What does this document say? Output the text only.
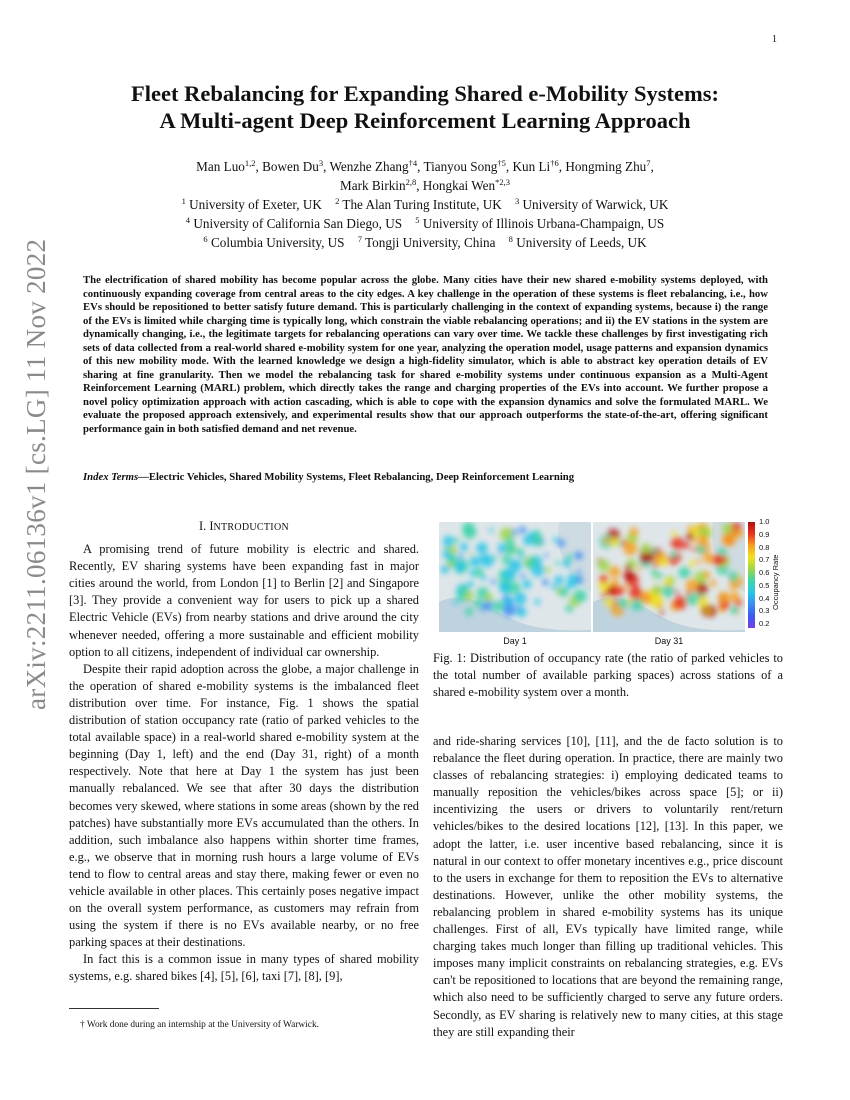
1
arXiv:2211.06136v1 [cs.LG] 11 Nov 2022
Fleet Rebalancing for Expanding Shared e-Mobility Systems:
A Multi-agent Deep Reinforcement Learning Approach
Man Luo$^{1,2}$, Bowen Du$^3$, Wenzhe Zhang$^{\dagger 4}$, Tianyou Song$^{\dagger 5}$, Kun Li$^{\dagger 6}$, Hongming Zhu$^7$,
Mark Birkin$^{2,8}$, Hongkai Wen$^{*2,3}$
$^1$ University of Exeter, UK $^2$ The Alan Turing Institute, UK $^3$ University of Warwick, UK
$^4$ University of California San Diego, US $^5$ University of Illinois Urbana-Champaign, US
$^6$ Columbia University, US $^7$ Tongji University, China $^8$ University of Leeds, UK
The electrification of shared mobility has become popular across the globe. Many cities have their new shared e-mobility systems deployed, with continuously expanding coverage from central areas to the city edges. A key challenge in the operation of these systems is fleet rebalancing, i.e., how EVs should be repositioned to better satisfy future demand. This is particularly challenging in the context of expanding systems, because i) the range of the EVs is limited while charging time is typically long, which constrain the viable rebalancing operations; and ii) the EV stations in the system are dynamically changing, i.e., the legitimate targets for rebalancing operations can vary over time. We tackle these challenges by first investigating rich sets of data collected from a real-world shared e-mobility system for one year, analyzing the operation model, usage patterns and expansion dynamics of this new mobility mode. With the learned knowledge we design a high-fidelity simulator, which is able to abstract key operation details of EV sharing at fine granularity. Then we model the rebalancing task for shared e-mobility systems under continuous expansion as a Multi-Agent Reinforcement Learning (MARL) problem, which directly takes the range and charging properties of the EVs into account. We further propose a novel policy optimization approach with action cascading, which is able to cope with the expansion dynamics and solve the formulated MARL. We evaluate the proposed approach extensively, and experimental results show that our approach outperforms the state-of-the-art, offering significant performance gain in both satisfied demand and net revenue.
Index Terms—Electric Vehicles, Shared Mobility Systems, Fleet Rebalancing, Deep Reinforcement Learning

I. INTRODUCTION

A promising trend of future mobility is electric and shared. Recently, EV sharing systems have been expanding fast in major cities around the world, from London [1] to Berlin [2] and Singapore [3]. They provide a convenient way for users to pick up a shared Electric Vehicle (EVs) from nearby stations and drive around the city whenever needed, offering a more sustainable and efficient mobility option to all citizens, independent of individual car ownership.

Despite their rapid adoption across the globe, a major challenge in the operation of shared e-mobility systems is the imbalanced fleet distribution over time. For instance, Fig. 1 shows the spatial distribution of station occupancy rate (ratio of parked vehicles to the total available space) in a real-world shared e-mobility system at the beginning (Day 1, left) and the end (Day 31, right) of a month respectively. Note that here at Day 1 the system has just been manually rebalanced. We see that after 30 days the distribution becomes very skewed, where stations in some areas (shown by the red patches) have substantially more EVs accumulated than the others. In addition, such imbalance also happens within shorter time frames, e.g., we observe that in morning rush hours a large volume of EVs tend to flow to central areas and stay there, making fewer or even no vehicle available in other places. This certainly poses negative impact on the overall system performance, as customers may refrain from using the system if there is no EVs available nearby, or no free parking spaces at their destinations.

In fact this is a common issue in many types of shared mobility systems, e.g. shared bikes [4], [5], [6], taxi [7], [8], [9],

† Work done during an internship at the University of Warwick.
Day 1	Day 31
1.0
0.9
0.8
0.7
0.6
0.5
0.4
0.3
0.2
Occupancy Rate
Fig. 1: Distribution of occupancy rate (the ratio of parked vehicles to the total number of available parking spaces) across stations of a shared e-mobility system over a month.

and ride-sharing services [10], [11], and the de facto solution is to rebalance the fleet during operation. In practice, there are mainly two classes of rebalancing strategies: i) employing dedicated teams to manually reposition the vehicles/bikes across space [5]; or ii) incentivizing the users or drivers to voluntarily rent/return vehicles/bikes to the desired locations [12], [13]. In this paper, we adopt the latter, i.e. user incentive based rebalancing, since it is natural in our context to offer monetary incentives e.g., price discount to the users in exchange for them to reposition the EVs to alternative destinations. However, unlike the other mobility systems, the rebalancing problem in shared e-mobility systems has its unique challenges. First of all, EVs typically have limited range, while charging takes much longer than filling up traditional vehicles. This imposes many implicit constraints on rebalancing strategies, e.g. EVs can't be repositioned to locations that are beyond the remaining range, which also need to be sufficiently charged to serve any future orders. Secondly, as EV sharing is relatively new to many cities, at this stage they are still expanding their
